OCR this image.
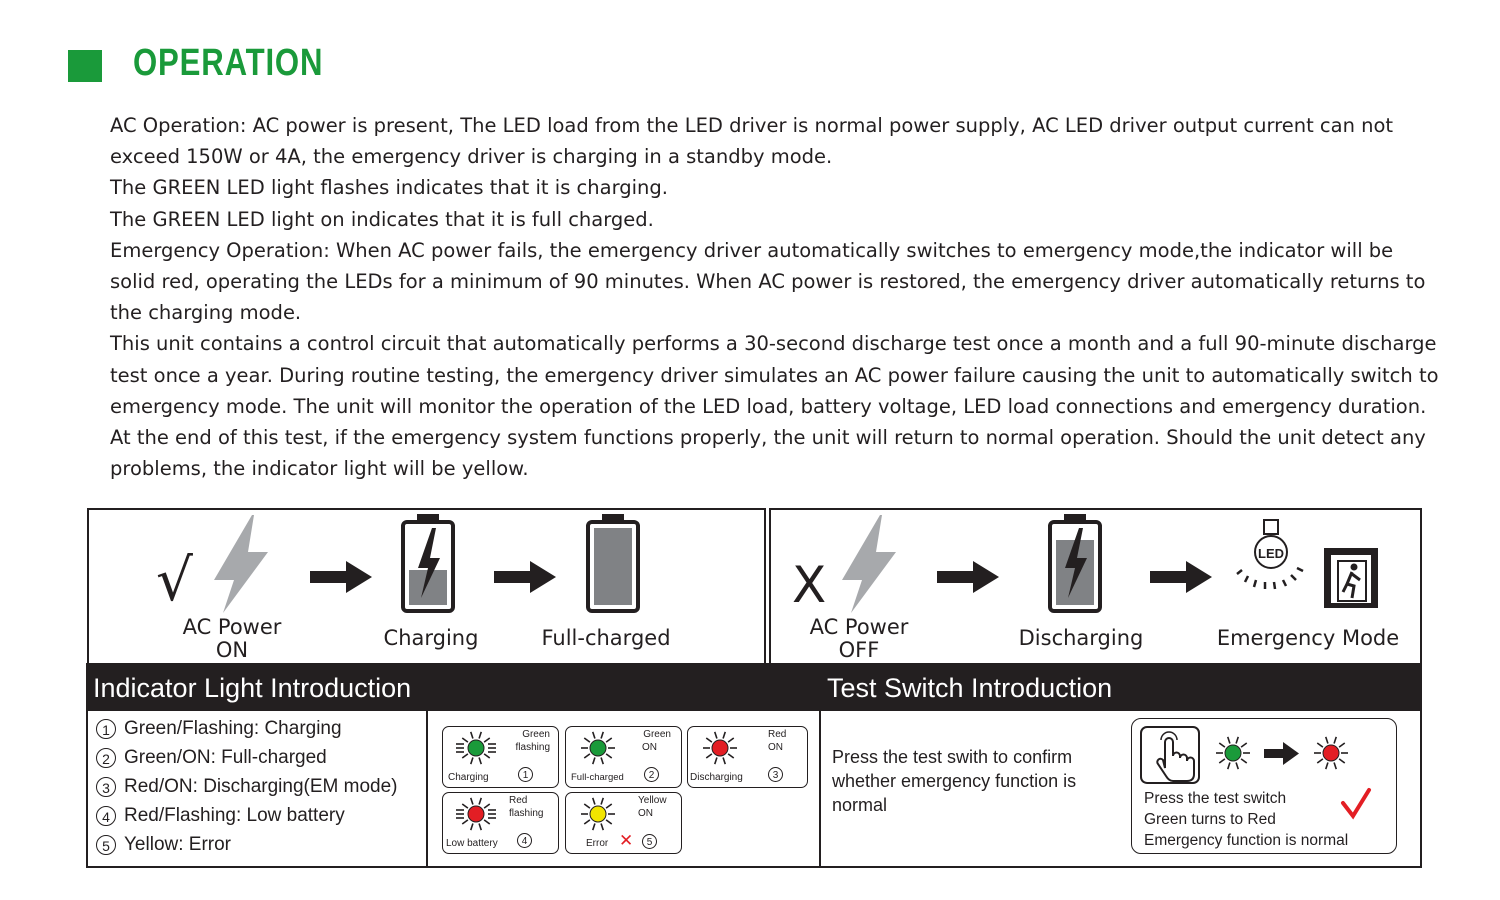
OPERATION

AC Operation: AC power is present, The LED load from the LED driver is normal power supply, AC LED driver output current can not exceed 150W or 4A, the emergency driver is charging in a standby mode.

The GREEN LED light flashes indicates that it is charging.

The GREEN LED light on indicates that it is full charged.

Emergency Operation: When AC power fails, the emergency driver automatically switches to emergency mode,the indicator will be solid red, operating the LEDs for a minimum of 90 minutes. When AC power is restored, the emergency driver automatically returns to the charging mode.

This unit contains a control circuit that automatically performs a 30-second discharge test once a month and a full 90-minute discharge test once a year. During routine testing, the emergency driver simulates an AC power failure causing the unit to automatically switch to emergency mode. The unit will monitor the operation of the LED load, battery voltage, LED load connections and emergency duration. At the end of this test, if the emergency system functions properly, the unit will return to normal operation. Should the unit detect any problems, the indicator light will be yellow.

√
AC Power
ON	Charging	Full-charged
X
LED
AC Power
OFF	Discharging	Emergency Mode
Indicator Light Introduction	Test Switch Introduction
1 Green/Flashing: Charging
2 Green/ON: Full-charged
3 Red/ON: Discharging(EM mode)
4 Red/Flashing: Low battery
5 Yellow: Error
Green
flashing
Charging	1
Green
ON
Full-charged	2
Red
ON
Discharging	3
Red
flashing
Low battery	4
Yellow
ON
Error ✕	5
Press the test swith to confirm whether emergency function is normal	Press the test switch
Green turns to Red
Emergency function is normal
